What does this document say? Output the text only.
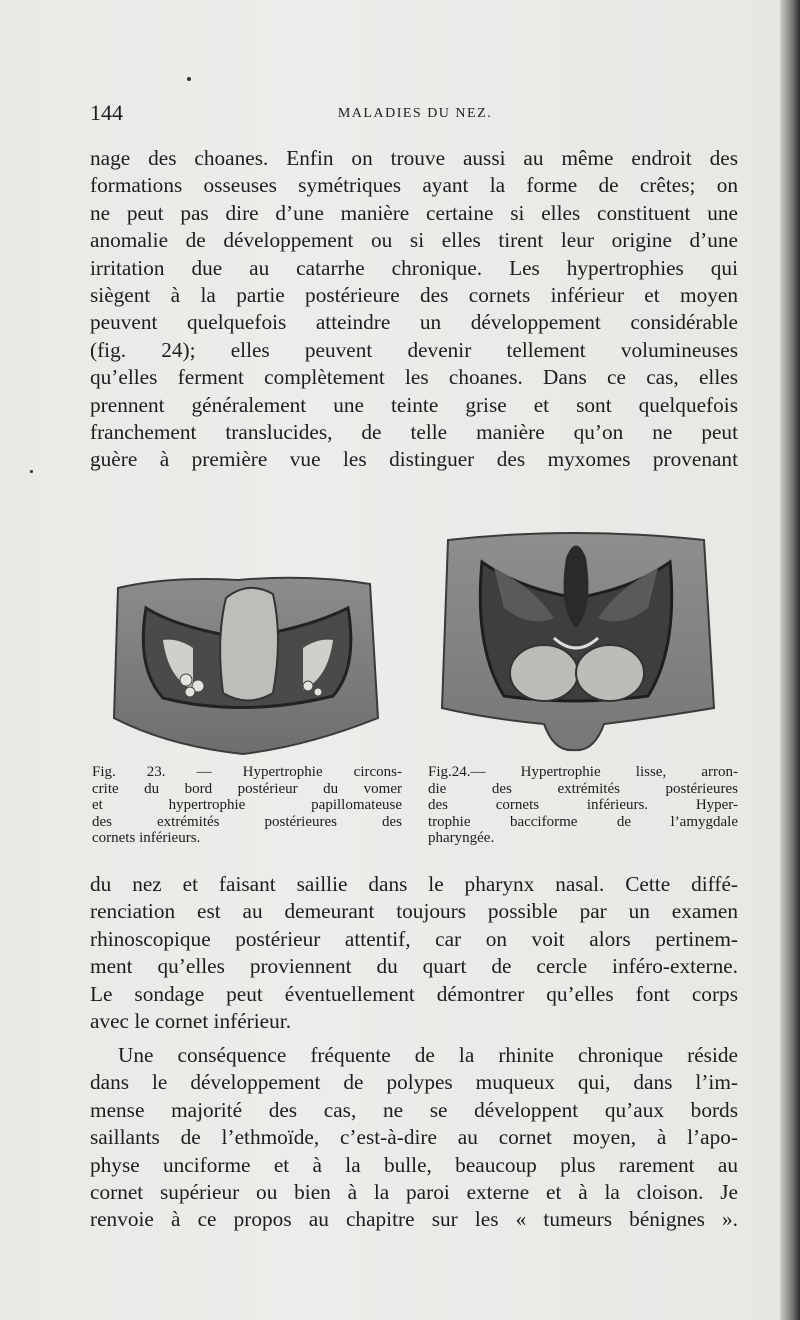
144	MALADIES DU NEZ.
nage des choanes. Enfin on trouve aussi au même endroit des
formations osseuses symétriques ayant la forme de crêtes; on
ne peut pas dire d’une manière certaine si elles constituent une
anomalie de développement ou si elles tirent leur origine d’une
irritation due au catarrhe chronique. Les hypertrophies qui
siègent à la partie postérieure des cornets inférieur et moyen
peuvent quelquefois atteindre un développement considérable
(fig. 24); elles peuvent devenir tellement volumineuses
qu’elles ferment complètement les choanes. Dans ce cas, elles
prennent généralement une teinte grise et sont quelquefois
franchement translucides, de telle manière qu’on ne peut
guère à première vue les distinguer des myxomes provenant
Fig. 23. — Hypertrophie circons-
crite du bord postérieur du vomer
et hypertrophie papillomateuse
des extrémités postérieures des
cornets inférieurs.
Fig.24.— Hypertrophie lisse, arron-
die des extrémités postérieures
des cornets inférieurs. Hyper-
trophie bacciforme de l’amygdale
pharyngée.
du nez et faisant saillie dans le pharynx nasal. Cette diffé-
renciation est au demeurant toujours possible par un examen
rhinoscopique postérieur attentif, car on voit alors pertinem-
ment qu’elles proviennent du quart de cercle inféro-externe.
Le sondage peut éventuellement démontrer qu’elles font corps
avec le cornet inférieur.
Une conséquence fréquente de la rhinite chronique réside
dans le développement de polypes muqueux qui, dans l’im-
mense majorité des cas, ne se développent qu’aux bords
saillants de l’ethmoïde, c’est-à-dire au cornet moyen, à l’apo-
physe unciforme et à la bulle, beaucoup plus rarement au
cornet supérieur ou bien à la paroi externe et à la cloison. Je
renvoie à ce propos au chapitre sur les « tumeurs bénignes ».
